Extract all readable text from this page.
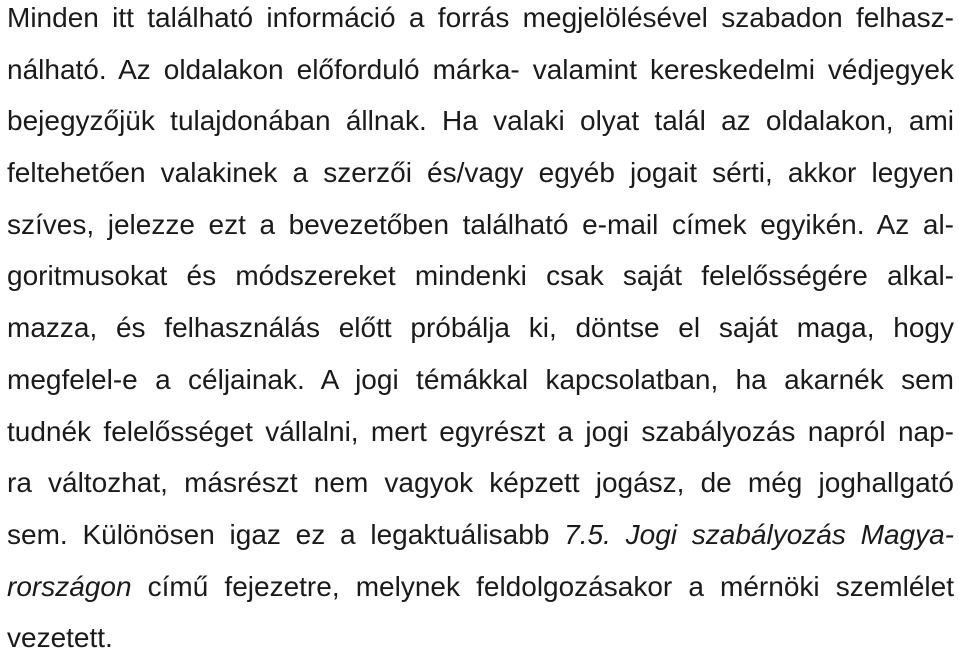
Minden itt található információ a forrás megjelölésével szabadon felhasz-
nálható. Az oldalakon előforduló márka- valamint kereskedelmi védjegyek
bejegyzőjük tulajdonában állnak. Ha valaki olyat talál az oldalakon, ami
feltehetően valakinek a szerzői és/vagy egyéb jogait sérti, akkor legyen
szíves, jelezze ezt a bevezetőben található e-mail címek egyikén. Az al-
goritmusokat és módszereket mindenki csak saját felelősségére alkal-
mazza, és felhasználás előtt próbálja ki, döntse el saját maga, hogy
megfelel-e a céljainak. A jogi témákkal kapcsolatban, ha akarnék sem
tudnék felelősséget vállalni, mert egyrészt a jogi szabályozás napról nap-
ra változhat, másrészt nem vagyok képzett jogász, de még joghallgató
sem. Különösen igaz ez a legaktuálisabb 7.5. Jogi szabályozás Magya-
rországon című fejezetre, melynek feldolgozásakor a mérnöki szemlélet
vezetett.
